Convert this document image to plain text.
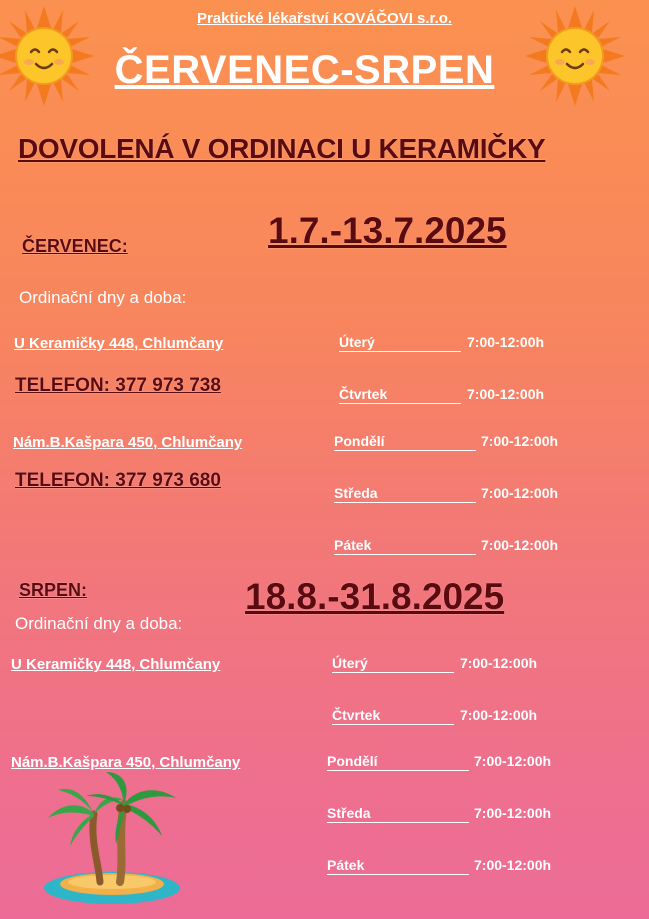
Praktické lékařství KOVÁČOVI s.r.o.
ČERVENEC-SRPEN
DOVOLENÁ V ORDINACI U KERAMIČKY
ČERVENEC:	1.7.-13.7.2025
Ordinační dny a doba:
U Keramičky 448, Chlumčany
TELEFON: 377 973 738
Nám.B.Kašpara 450, Chlumčany
TELEFON: 377 973 680
Úterý	7:00-12:00h
Čtvrtek	7:00-12:00h
Pondělí	7:00-12:00h
Středa	7:00-12:00h
Pátek	7:00-12:00h
SRPEN:	18.8.-31.8.2025
Ordinační dny a doba:
U Keramičky 448, Chlumčany
Nám.B.Kašpara 450, Chlumčany
Úterý	7:00-12:00h
Čtvrtek	7:00-12:00h
Pondělí	7:00-12:00h
Středa	7:00-12:00h
Pátek	7:00-12:00h
